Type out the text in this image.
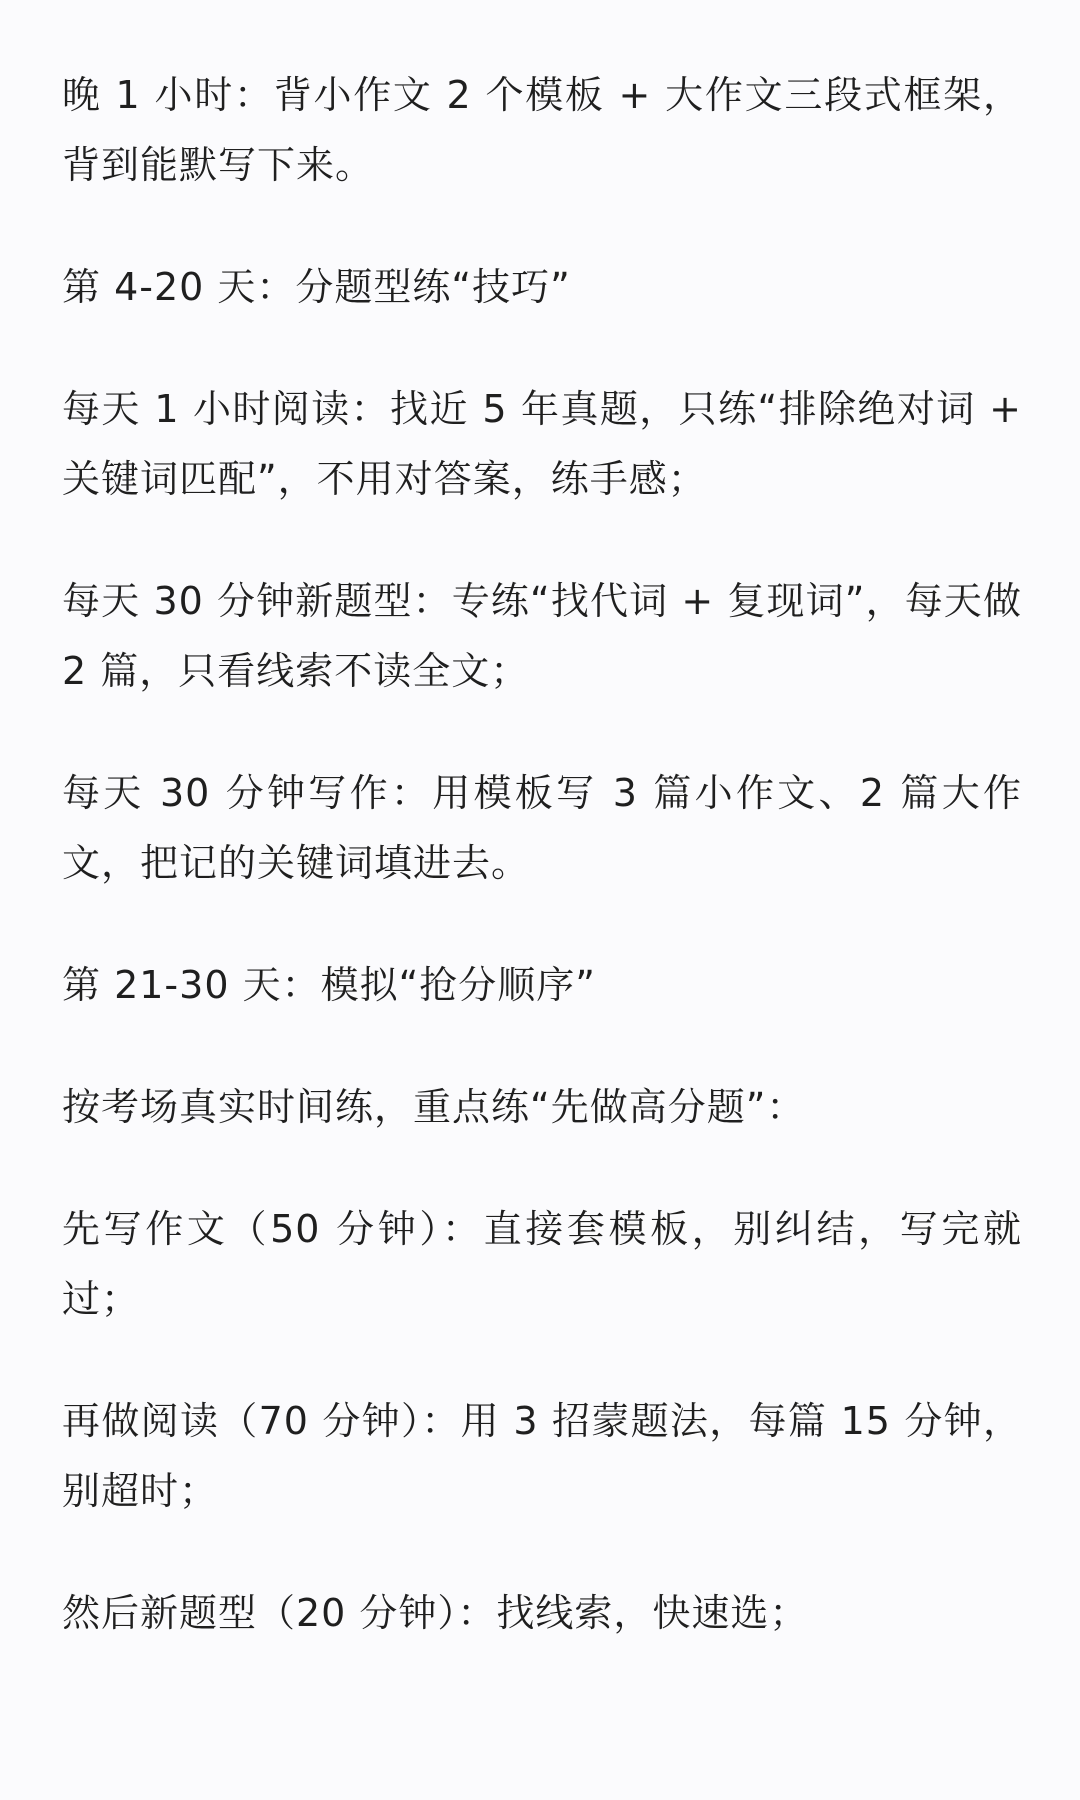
晚 1 小时：背小作文 2 个模板 + 大作文三段式框架，背到能默写下来。

第 4-20 天：分题型练“技巧”

每天 1 小时阅读：找近 5 年真题，只练“排除绝对词 + 关键词匹配”，不用对答案，练手感；

每天 30 分钟新题型：专练“找代词 + 复现词”，每天做 2 篇，只看线索不读全文；

每天 30 分钟写作：用模板写 3 篇小作文、2 篇大作文，把记的关键词填进去。

第 21-30 天：模拟“抢分顺序”

按考场真实时间练，重点练“先做高分题”：

先写作文（50 分钟）：直接套模板，别纠结，写完就过；

再做阅读（70 分钟）：用 3 招蒙题法，每篇 15 分钟，别超时；

然后新题型（20 分钟）：找线索，快速选；
